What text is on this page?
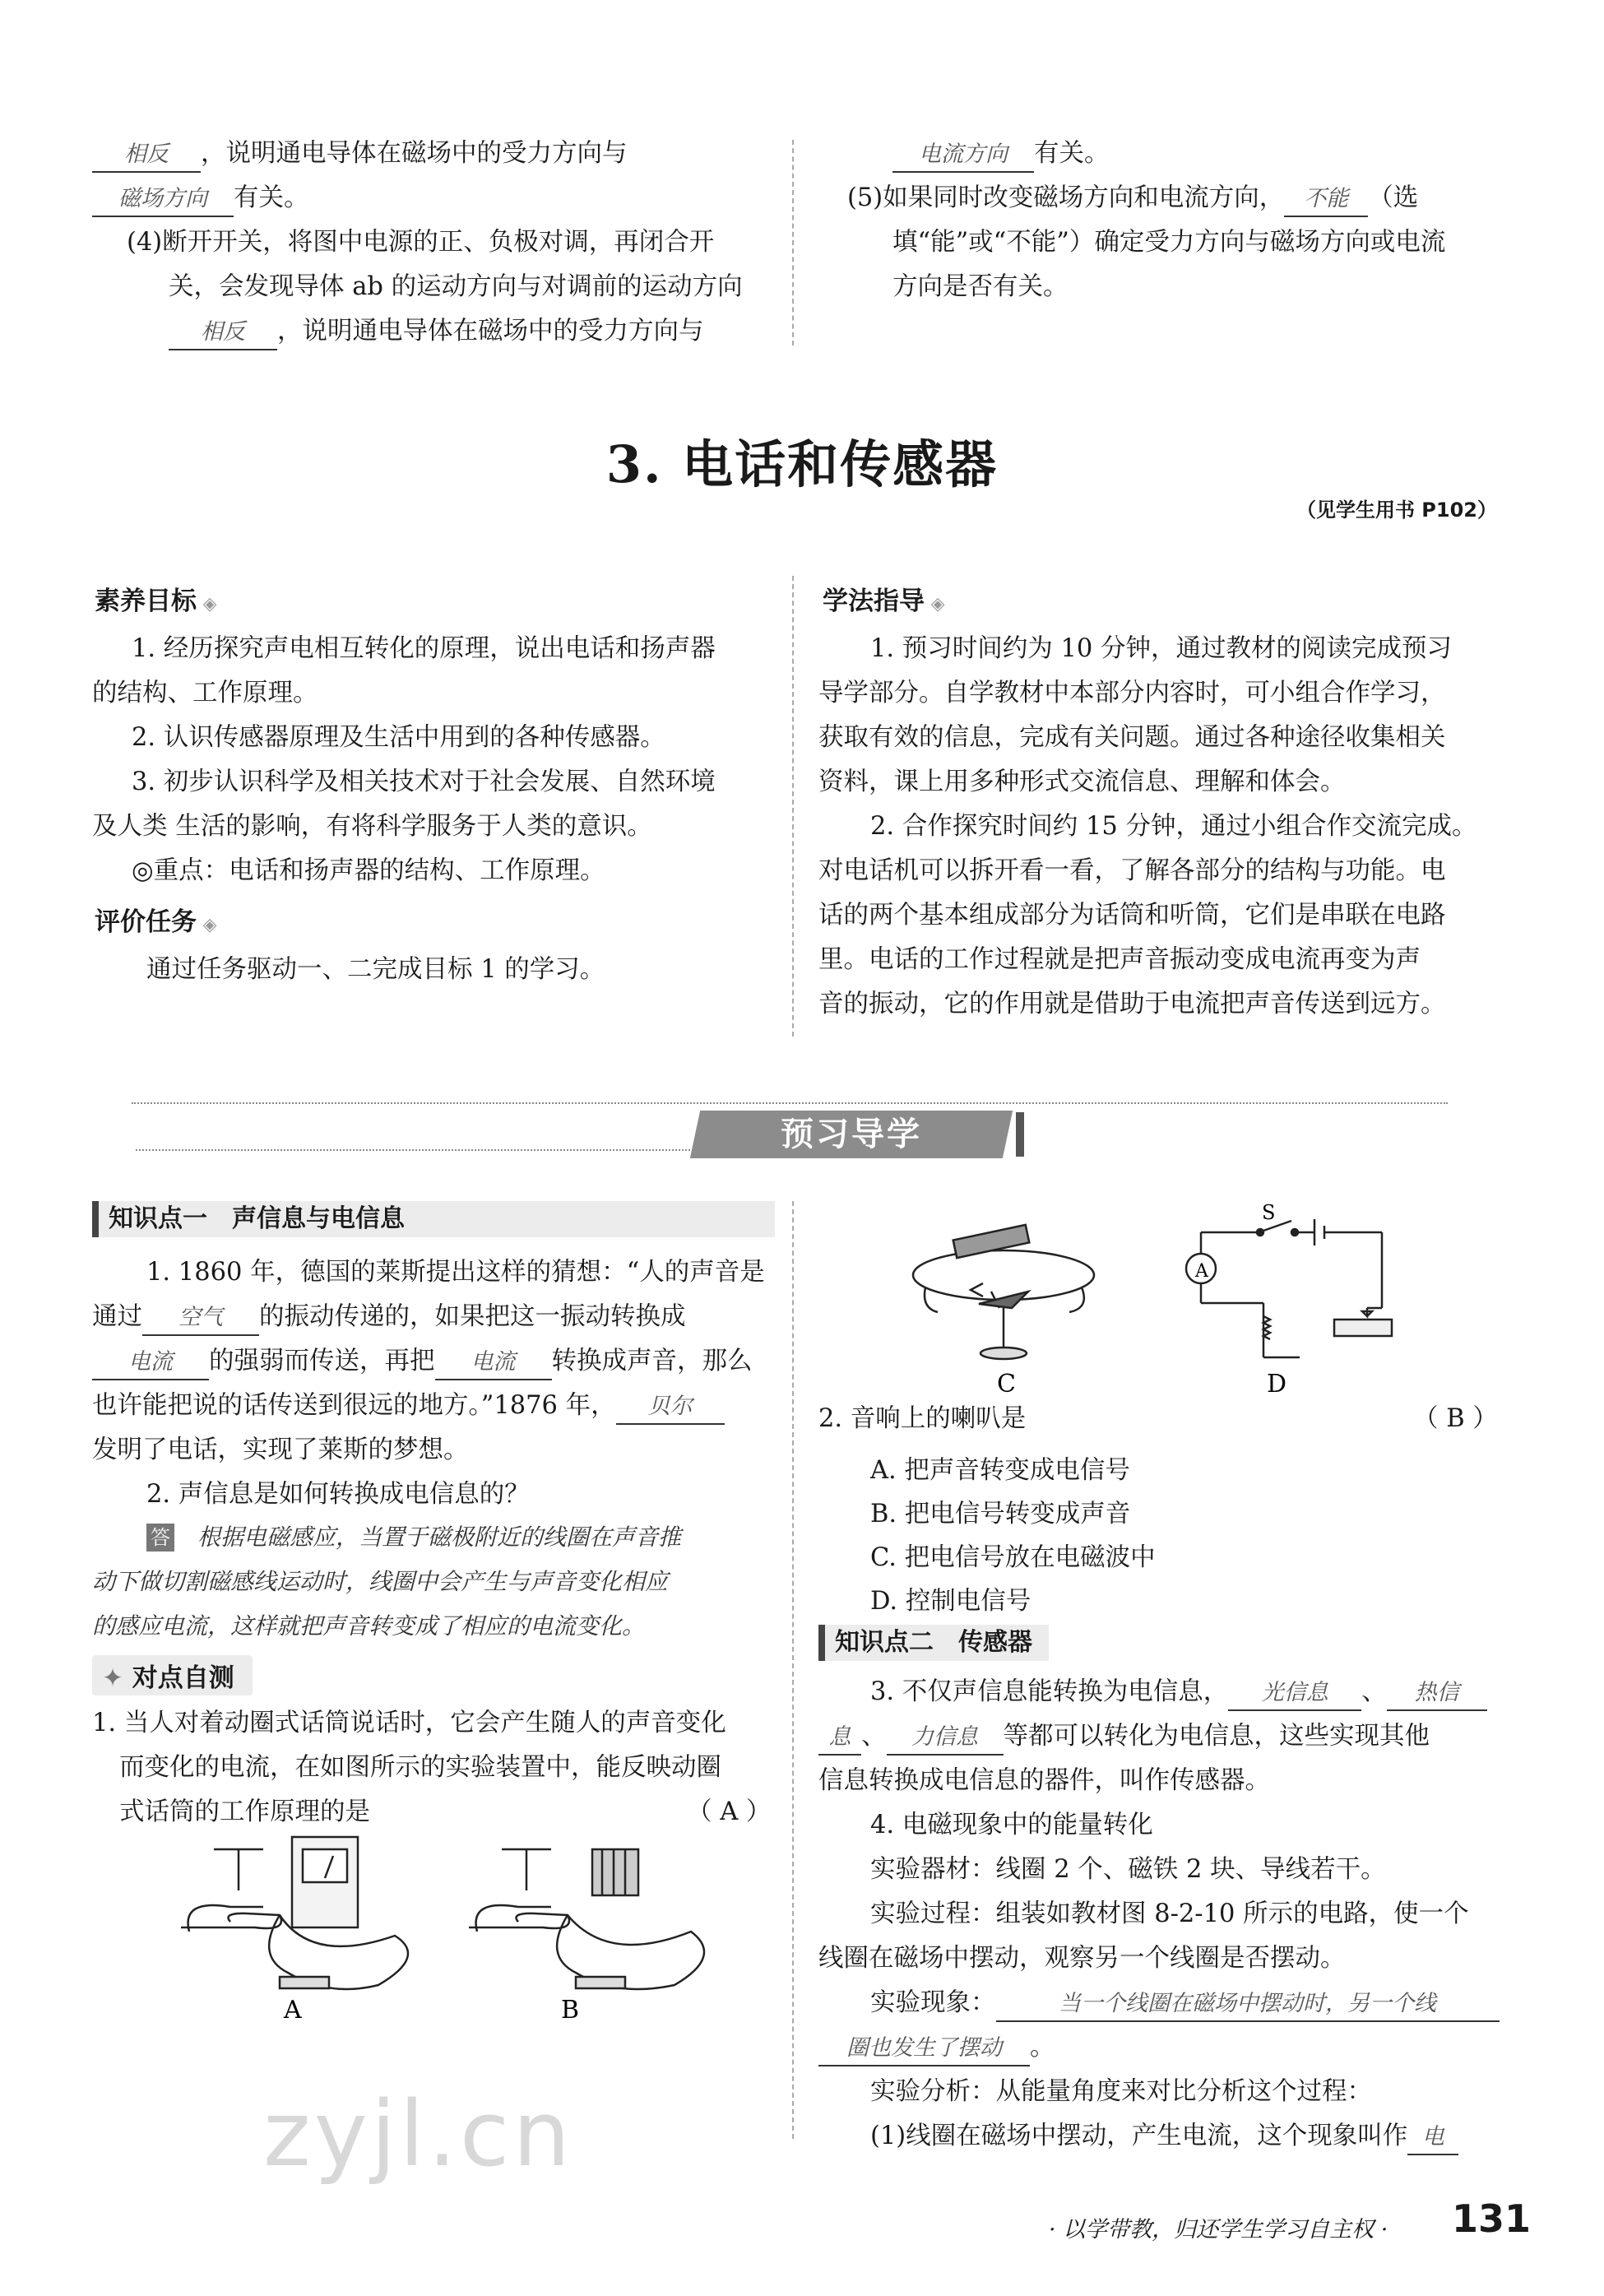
相反 ，说明通电导体在磁场中的受力方向与
磁场方向 有关。
(4)断开开关，将图中电源的正、负极对调，再闭合开
关，会发现导体 ab 的运动方向与对调前的运动方向
相反 ，说明通电导体在磁场中的受力方向与
电流方向 有关。
(5)如果同时改变磁场方向和电流方向， 不能 （选
填“能”或“不能”）确定受力方向与磁场方向或电流
方向是否有关。
3. 电话和传感器
（见学生用书 P102）
素养目标 ◈
1. 经历探究声电相互转化的原理，说出电话和扬声器
的结构、工作原理。
2. 认识传感器原理及生活中用到的各种传感器。
3. 初步认识科学及相关技术对于社会发展、自然环境
及人类 生活的影响，有将科学服务于人类的意识。
◎重点：电话和扬声器的结构、工作原理。
评价任务 ◈
通过任务驱动一、二完成目标 1 的学习。
学法指导 ◈
1. 预习时间约为 10 分钟，通过教材的阅读完成预习
导学部分。自学教材中本部分内容时，可小组合作学习，
获取有效的信息，完成有关问题。通过各种途径收集相关
资料，课上用多种形式交流信息、理解和体会。
2. 合作探究时间约 15 分钟，通过小组合作交流完成。
对电话机可以拆开看一看，了解各部分的结构与功能。电
话的两个基本组成部分为话筒和听筒，它们是串联在电路
里。电话的工作过程就是把声音振动变成电流再变为声
音的振动，它的作用就是借助于电流把声音传送到远方。
预习导学
知识点一　声信息与电信息
1. 1860 年，德国的莱斯提出这样的猜想：“人的声音是
通过 空气 的振动传递的，如果把这一振动转换成
电流 的强弱而传送，再把 电流 转换成声音，那么
也许能把说的话传送到很远的地方。”1876 年， 贝尔
发明了电话，实现了莱斯的梦想。
2. 声信息是如何转换成电信息的？
答 根据电磁感应，当置于磁极附近的线圈在声音推
动下做切割磁感线运动时，线圈中会产生与声音变化相应
的感应电流，这样就把声音转变成了相应的电流变化。
✦ 对点自测
1. 当人对着动圈式话筒说话时，它会产生随人的声音变化
而变化的电流，在如图所示的实验装置中，能反映动圈
式话筒的工作原理的是	（ A ）
A	B
A
S
C	D
2. 音响上的喇叭是	（ B ）
A. 把声音转变成电信号
B. 把电信号转变成声音
C. 把电信号放在电磁波中
D. 控制电信号
知识点二　传感器
3. 不仅声信息能转换为电信息， 光信息 、 热信
息 、 力信息 等都可以转化为电信息，这些实现其他
信息转换成电信息的器件，叫作传感器。
4. 电磁现象中的能量转化
实验器材：线圈 2 个、磁铁 2 块、导线若干。
实验过程：组装如教材图 8-2-10 所示的电路，使一个
线圈在磁场中摆动，观察另一个线圈是否摆动。
实验现象：	当一个线圈在磁场中摆动时，另一个线
圈也发生了摆动 。
实验分析：从能量角度来对比分析这个过程：
(1)线圈在磁场中摆动，产生电流，这个现象叫作 电
zyjl.cn
· 以学带教，归还学生学习自主权 · 131
